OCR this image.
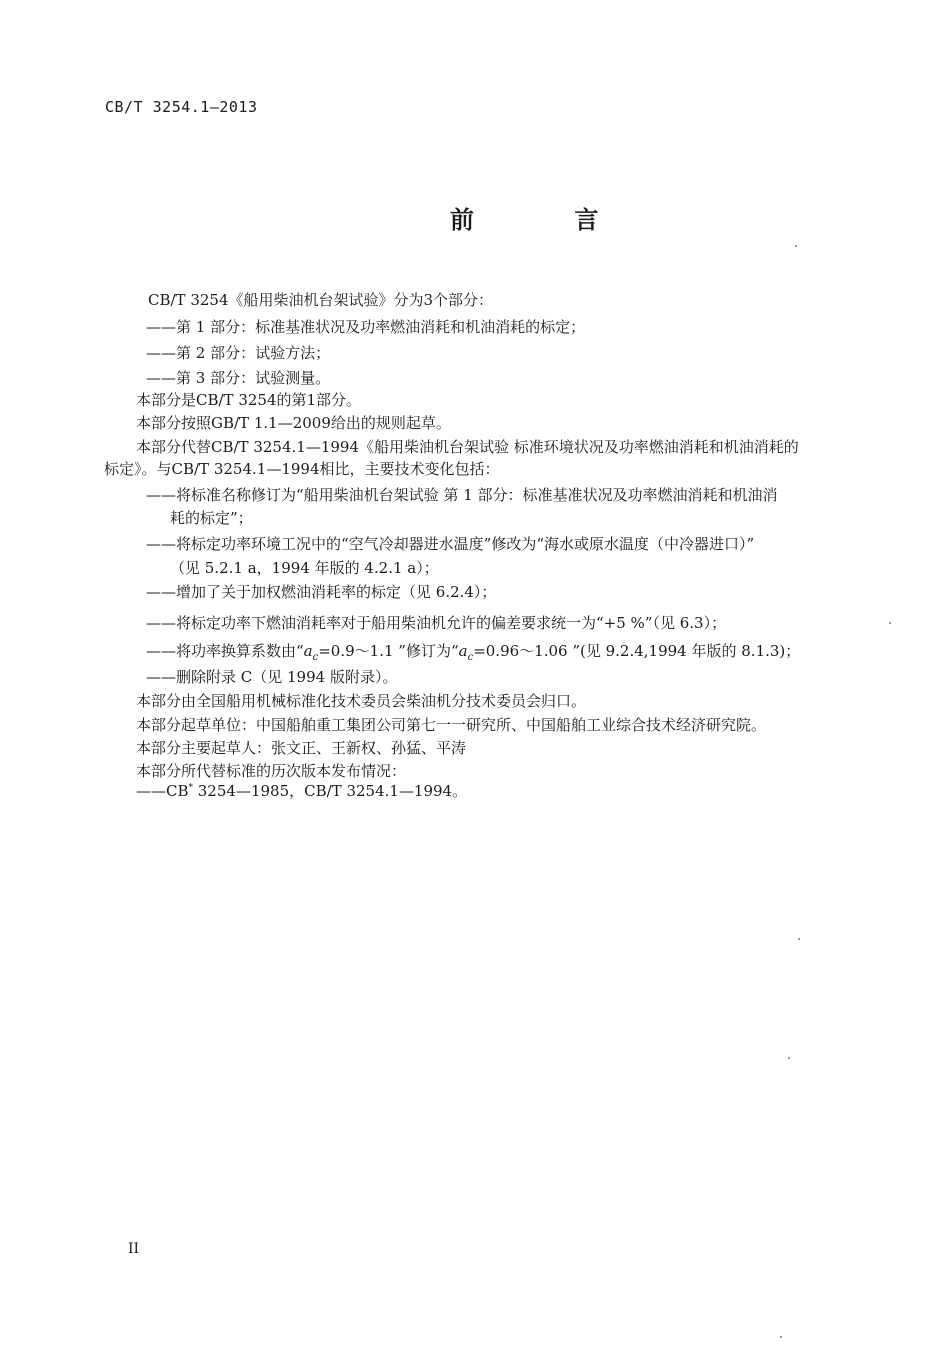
CB/T 3254.1—2013
前 言
CB/T 3254《船用柴油机台架试验》分为3个部分：
——第 1 部分：标准基准状况及功率燃油消耗和机油消耗的标定；
——第 2 部分：试验方法；
——第 3 部分：试验测量。
本部分是CB/T 3254的第1部分。
本部分按照GB/T 1.1—2009给出的规则起草。
本部分代替CB/T 3254.1—1994《船用柴油机台架试验 标准环境状况及功率燃油消耗和机油消耗的
标定》。与CB/T 3254.1—1994相比，主要技术变化包括：
——将标准名称修订为“船用柴油机台架试验 第 1 部分：标准基准状况及功率燃油消耗和机油消
耗的标定”；
——将标定功率环境工况中的“空气冷却器进水温度”修改为“海水或原水温度（中冷器进口）”
（见 5.2.1 a，1994 年版的 4.2.1 a）；
——增加了关于加权燃油消耗率的标定（见 6.2.4）；
——将标定功率下燃油消耗率对于船用柴油机允许的偏差要求统一为“+5 %”（见 6.3）；
——将功率换算系数由“$a_c=0.9\sim 1.1$ ”修订为“$a_c=0.96\sim 1.06$ ”(见 9.2.4,1994 年版的 8.1.3)；
——删除附录 C（见 1994 版附录）。
本部分由全国船用机械标准化技术委员会柴油机分技术委员会归口。
本部分起草单位：中国船舶重工集团公司第七一一研究所、中国船舶工业综合技术经济研究院。
本部分主要起草人：张文正、王新权、孙猛、平涛
本部分所代替标准的历次版本发布情况：
——CB* 3254—1985，CB/T 3254.1—1994。
II
